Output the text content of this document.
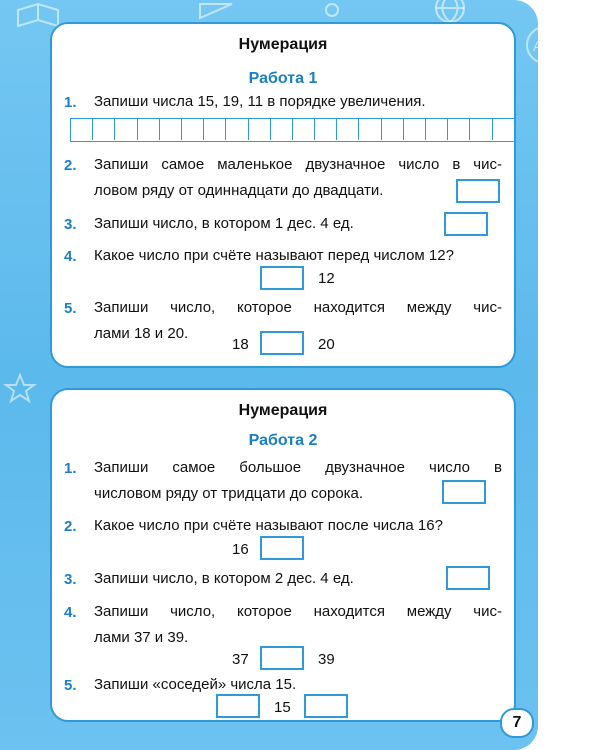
A+
A+
5
A+
Нумерация
Работа 1
1. Запиши числа 15, 19, 11 в порядке увеличения.
2. Запиши самое маленькое двузначное число в чис-
ловом ряду от одиннадцати до двадцати.
3. Запиши число, в котором 1 дес. 4 ед.
4. Какое число при счёте называют перед числом 12?
12
5. Запиши число, которое находится между чис-
лами 18 и 20.
18	20
Нумерация
Работа 2
1. Запиши самое большое двузначное число в
числовом ряду от тридцати до сорока.
2. Какое число при счёте называют после числа 16?
16
3. Запиши число, в котором 2 дес. 4 ед.
4. Запиши число, которое находится между чис-
лами 37 и 39.
37	39
5. Запиши «соседей» числа 15.
15
7
